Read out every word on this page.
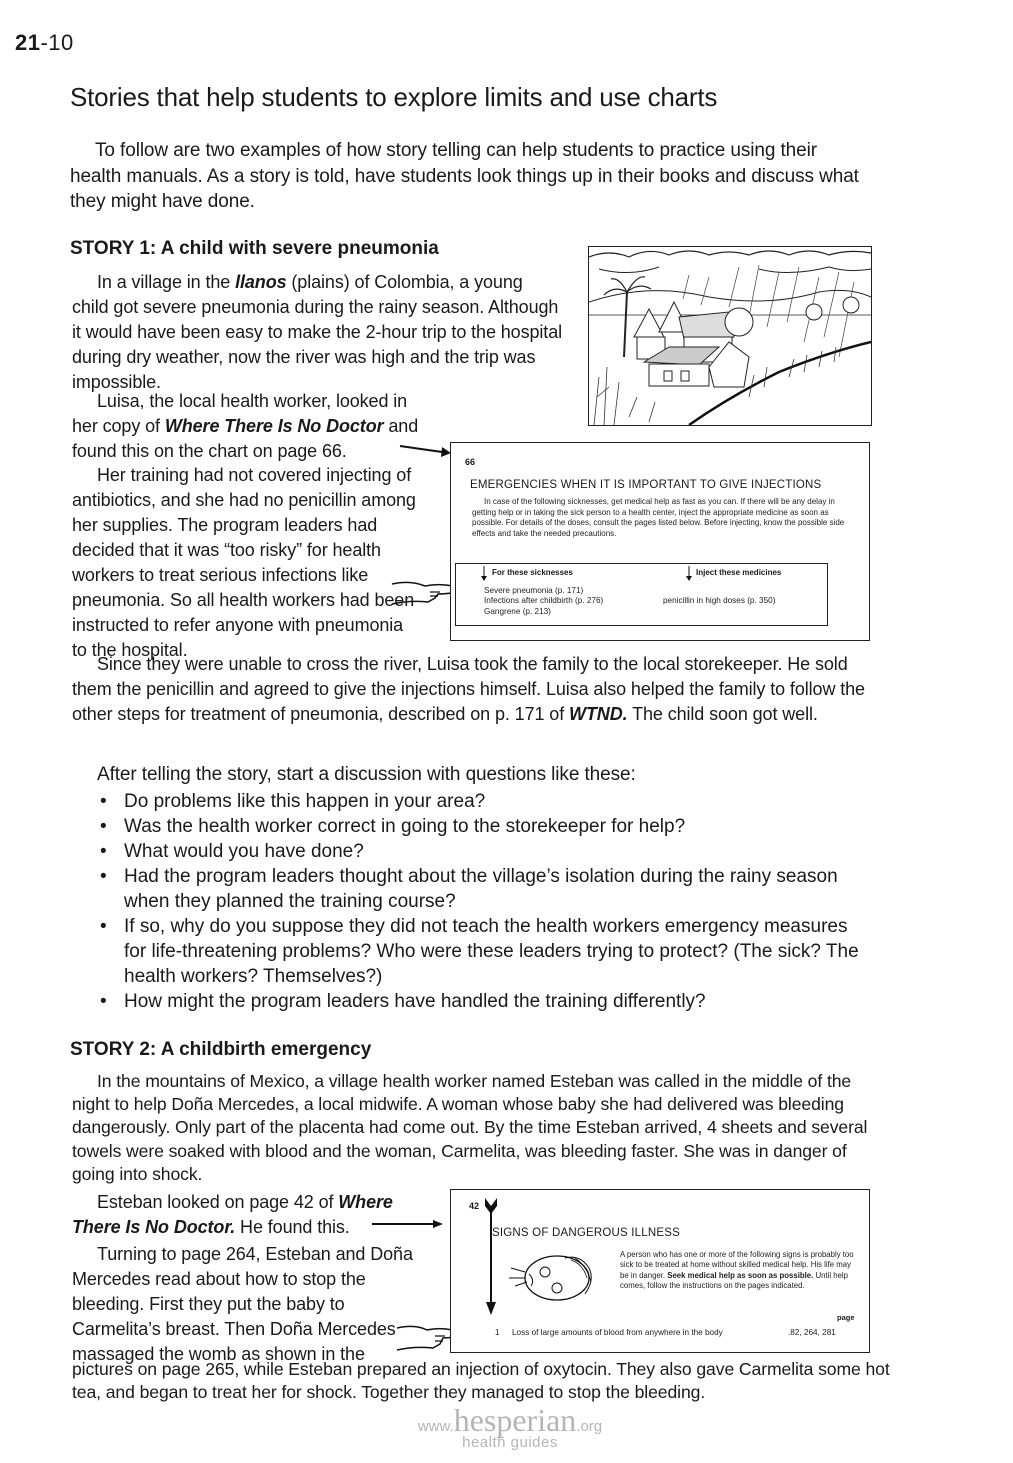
21-10
Stories that help students to explore limits and use charts

To follow are two examples of how story telling can help students to practice using their health manuals. As a story is told, have students look things up in their books and discuss what they might have done.

STORY 1: A child with severe pneumonia

In a village in the llanos (plains) of Colombia, a young child got severe pneumonia during the rainy season. Although it would have been easy to make the 2-hour trip to the hospital during dry weather, now the river was high and the trip was impossible.

Luisa, the local health worker, looked in her copy of Where There Is No Doctor and found this on the chart on page 66.

Her training had not covered injecting of antibiotics, and she had no penicillin among her supplies. The program leaders had decided that it was “too risky” for health workers to treat serious infections like pneumonia. So all health workers had been instructed to refer anyone with pneumonia to the hospital.

66
EMERGENCIES WHEN IT IS IMPORTANT TO GIVE INJECTIONS

In case of the following sicknesses, get medical help as fast as you can. If there will be any delay in getting help or in taking the sick person to a health center, inject the appropriate medicine as soon as possible. For details of the doses, consult the pages listed below. Before injecting, know the possible side effects and take the needed precautions.

For these sicknesses	Inject these medicines
Severe pneumonia (p. 171)
Infections after childbirth (p. 276)
Gangrene (p. 213)
penicillin in high doses (p. 350)

Since they were unable to cross the river, Luisa took the family to the local storekeeper. He sold them the penicillin and agreed to give the injections himself. Luisa also helped the family to follow the other steps for treatment of pneumonia, described on p. 171 of WTND. The child soon got well.

After telling the story, start a discussion with questions like these:

• Do problems like this happen in your area?
• Was the health worker correct in going to the storekeeper for help?
• What would you have done?
• Had the program leaders thought about the village’s isolation during the rainy season when they planned the training course?
• If so, why do you suppose they did not teach the health workers emergency measures for life-threatening problems? Who were these leaders trying to protect? (The sick? The health workers? Themselves?)
• How might the program leaders have handled the training differently?
STORY 2: A childbirth emergency

In the mountains of Mexico, a village health worker named Esteban was called in the middle of the night to help Doña Mercedes, a local midwife. A woman whose baby she had delivered was bleeding dangerously. Only part of the placenta had come out. By the time Esteban arrived, 4 sheets and several towels were soaked with blood and the woman, Carmelita, was bleeding faster. She was in danger of going into shock.

Esteban looked on page 42 of Where There Is No Doctor. He found this.

Turning to page 264, Esteban and Doña Mercedes read about how to stop the bleeding. First they put the baby to Carmelita’s breast. Then Doña Mercedes massaged the womb as shown in the

42
SIGNS OF DANGEROUS ILLNESS

A person who has one or more of the following signs is probably too sick to be treated at home without skilled medical help. His life may be in danger. Seek medical help as soon as possible. Until help comes, follow the instructions on the pages indicated.

page
1 Loss of large amounts of blood from anywhere in the body	.82, 264, 281

pictures on page 265, while Esteban prepared an injection of oxytocin. They also gave Carmelita some hot tea, and began to treat her for shock. Together they managed to stop the bleeding.

www.hesperian.org
health guides
